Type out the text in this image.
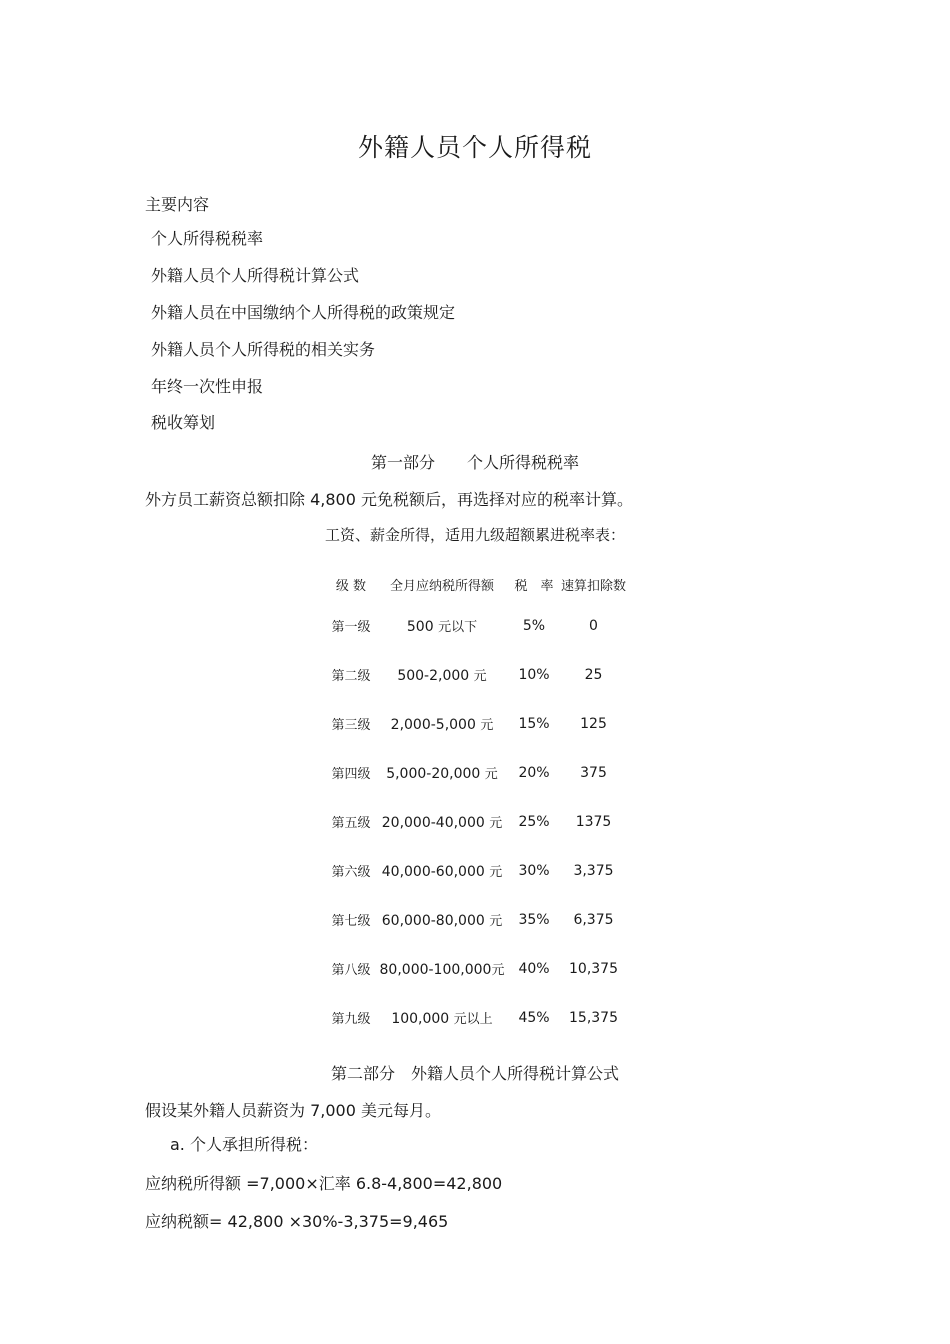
外籍人员个人所得税
主要内容
个人所得税税率
外籍人员个人所得税计算公式
外籍人员在中国缴纳个人所得税的政策规定
外籍人员个人所得税的相关实务
年终一次性申报
税收筹划
第一部分　　个人所得税税率
外方员工薪资总额扣除 4,800 元免税额后，再选择对应的税率计算。
工资、薪金所得，适用九级超额累进税率表：
级 数	全月应纳税所得额	税　率	速算扣除数
第一级	500 元以下	5%	0
第二级	500-2,000 元	10%	25
第三级	2,000-5,000 元	15%	125
第四级	5,000-20,000 元	20%	375
第五级	20,000-40,000 元	25%	1375
第六级	40,000-60,000 元	30%	3,375
第七级	60,000-80,000 元	35%	6,375
第八级	80,000-100,000元	40%	10,375
第九级	100,000 元以上	45%	15,375
第二部分　外籍人员个人所得税计算公式
假设某外籍人员薪资为 7,000 美元每月。
a. 个人承担所得税：
应纳税所得额 =7,000×汇率 6.8-4,800=42,800
应纳税额= 42,800 ×30%-3,375=9,465
